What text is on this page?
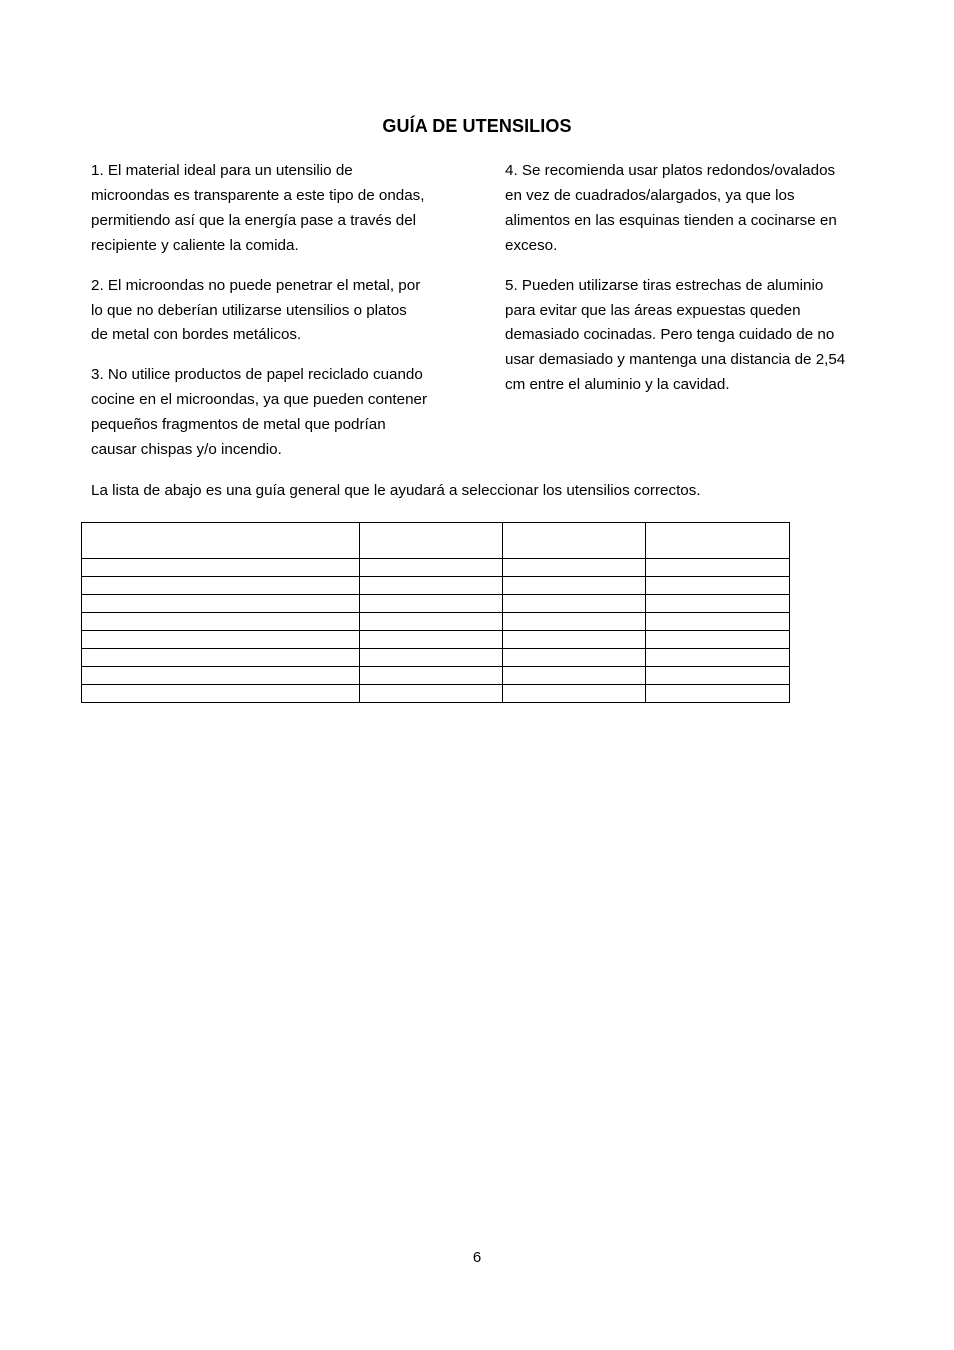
GUÍA DE UTENSILIOS

1. El material ideal para un utensilio de
microondas es transparente a este tipo de ondas,
permitiendo así que la energía pase a través del
recipiente y caliente la comida.

2. El microondas no puede penetrar el metal, por
lo que no deberían utilizarse utensilios o platos
de metal con bordes metálicos.

3. No utilice productos de papel reciclado cuando
cocine en el microondas, ya que pueden contener
pequeños fragmentos de metal que podrían
causar chispas y/o incendio.

4. Se recomienda usar platos redondos/ovalados
en vez de cuadrados/alargados, ya que los
alimentos en las esquinas tienden a cocinarse en
exceso.

5. Pueden utilizarse tiras estrechas de aluminio
para evitar que las áreas expuestas queden
demasiado cocinadas. Pero tenga cuidado de no
usar demasiado y mantenga una distancia de 2,54
cm entre el aluminio y la cavidad.

La lista de abajo es una guía general que le ayudará a seleccionar los utensilios correctos.

6
